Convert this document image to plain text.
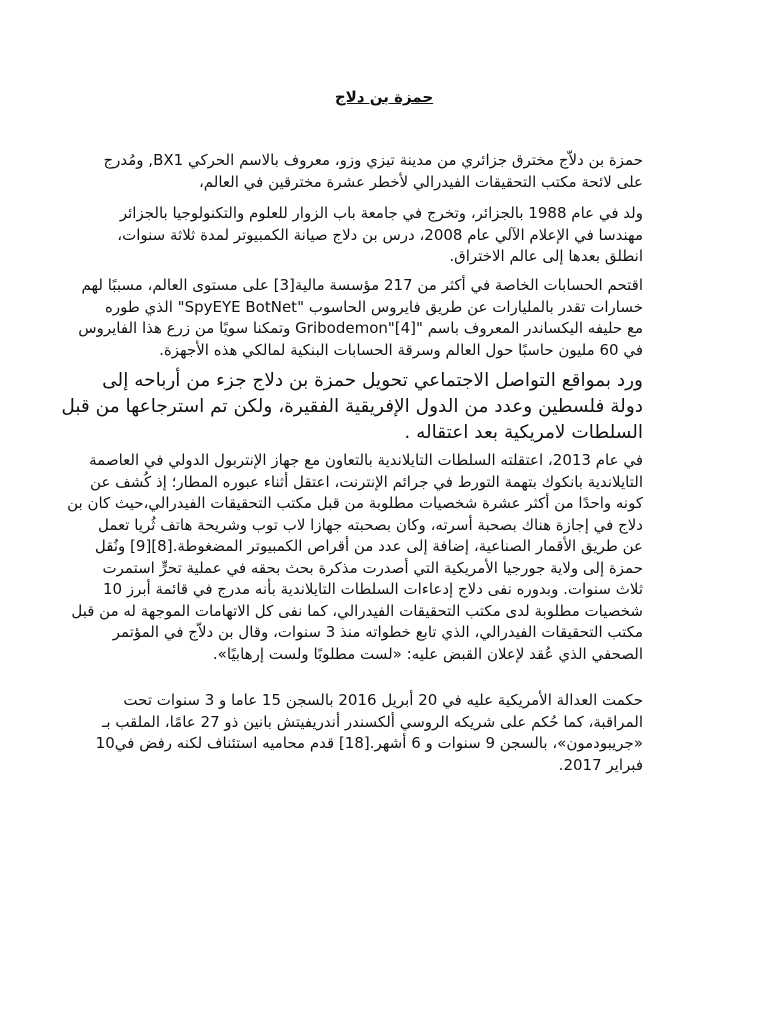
حمزة بن دلاج
حمزة بن دلاّج مخترق جزائري من مدينة تيزي وزو، معروف بالاسم الحركي BX1, ومُدرج
على لائحة مكتب التحقيقات الفيدرالي لأخطر عشرة مخترقين في العالم،
ولد في عام 1988 بالجزائر، وتخرج في جامعة باب الزوار للعلوم والتكنولوجيا بالجزائر
مهندسا في الإعلام الآلي عام 2008، درس بن دلاج صيانة الكمبيوتر لمدة ثلاثة سنوات،
انطلق بعدها إلى عالم الاختراق.
اقتحم الحسابات الخاصة في أكثر من 217 مؤسسة مالية[3] على مستوى العالم، مسببًا لهم
خسارات تقدر بالمليارات عن طريق فايروس الحاسوب "SpyEYE BotNet" الذي طوره
مع حليفه اليكساندر المعروف باسم "Gribodemon"[4] وتمكنا سويًا من زرع هذا الفايروس
في 60 مليون حاسبًا حول العالم وسرقة الحسابات البنكية لمالكي هذه الأجهزة.
ورد بمواقع التواصل الاجتماعي تحويل حمزة بن دلاج جزء من أرباحه إلى
دولة فلسطين وعدد من الدول الإفريقية الفقيرة، ولكن تم استرجاعها من قبل
السلطات لامريكية بعد اعتقاله .
في عام 2013، اعتقلته السلطات التايلاندية بالتعاون مع جهاز الإنتربول الدولي في العاصمة
التايلاندية بانكوك بتهمة التورط في جرائم الإنترنت، اعتقل أثناء عبوره المطار؛ إذ كُشف عن
كونه واحدًا من أكثر عشرة شخصيات مطلوبة من قبل مكتب التحقيقات الفيدرالي،حيث كان بن
دلاج في إجازة هناك بصحبة أسرته، وكان بصحبته جهازا لاب توب وشريحة هاتف ثُريا تعمل
عن طريق الأقمار الصناعية، إضافة إلى عدد من أقراص الكمبيوتر المضغوطة.[8][9] ونُقل
حمزة إلى ولاية جورجيا الأمريكية التي أصدرت مذكرة بحث بحقه في عملية تحرٍّ استمرت
ثلاث سنوات. وبدوره نفى دلاج إدعاءات السلطات التايلاندية بأنه مدرج في قائمة أبرز 10
شخصيات مطلوبة لدى مكتب التحقيقات الفيدرالي، كما نفى كل الاتهامات الموجهة له من قبل
مكتب التحقيقات الفيدرالي، الذي تابع خطواته منذ 3 سنوات، وقال بن دلاّج في المؤتمر
الصحفي الذي عُقد لإعلان القبض عليه: «لست مطلوبًا ولست إرهابيًا».
حكمت العدالة الأمريكية عليه في 20 أبريل 2016 بالسجن 15 عاما و 3 سنوات تحت
المراقبة، كما حُكم على شريكه الروسي ألكسندر أندريفيتش بانين ذو 27 عامًا، الملقب بـ
«جريبودمون»، بالسجن 9 سنوات و 6 أشهر.[18] قدم محاميه استئناف لكنه رفض في10
فبراير 2017.
